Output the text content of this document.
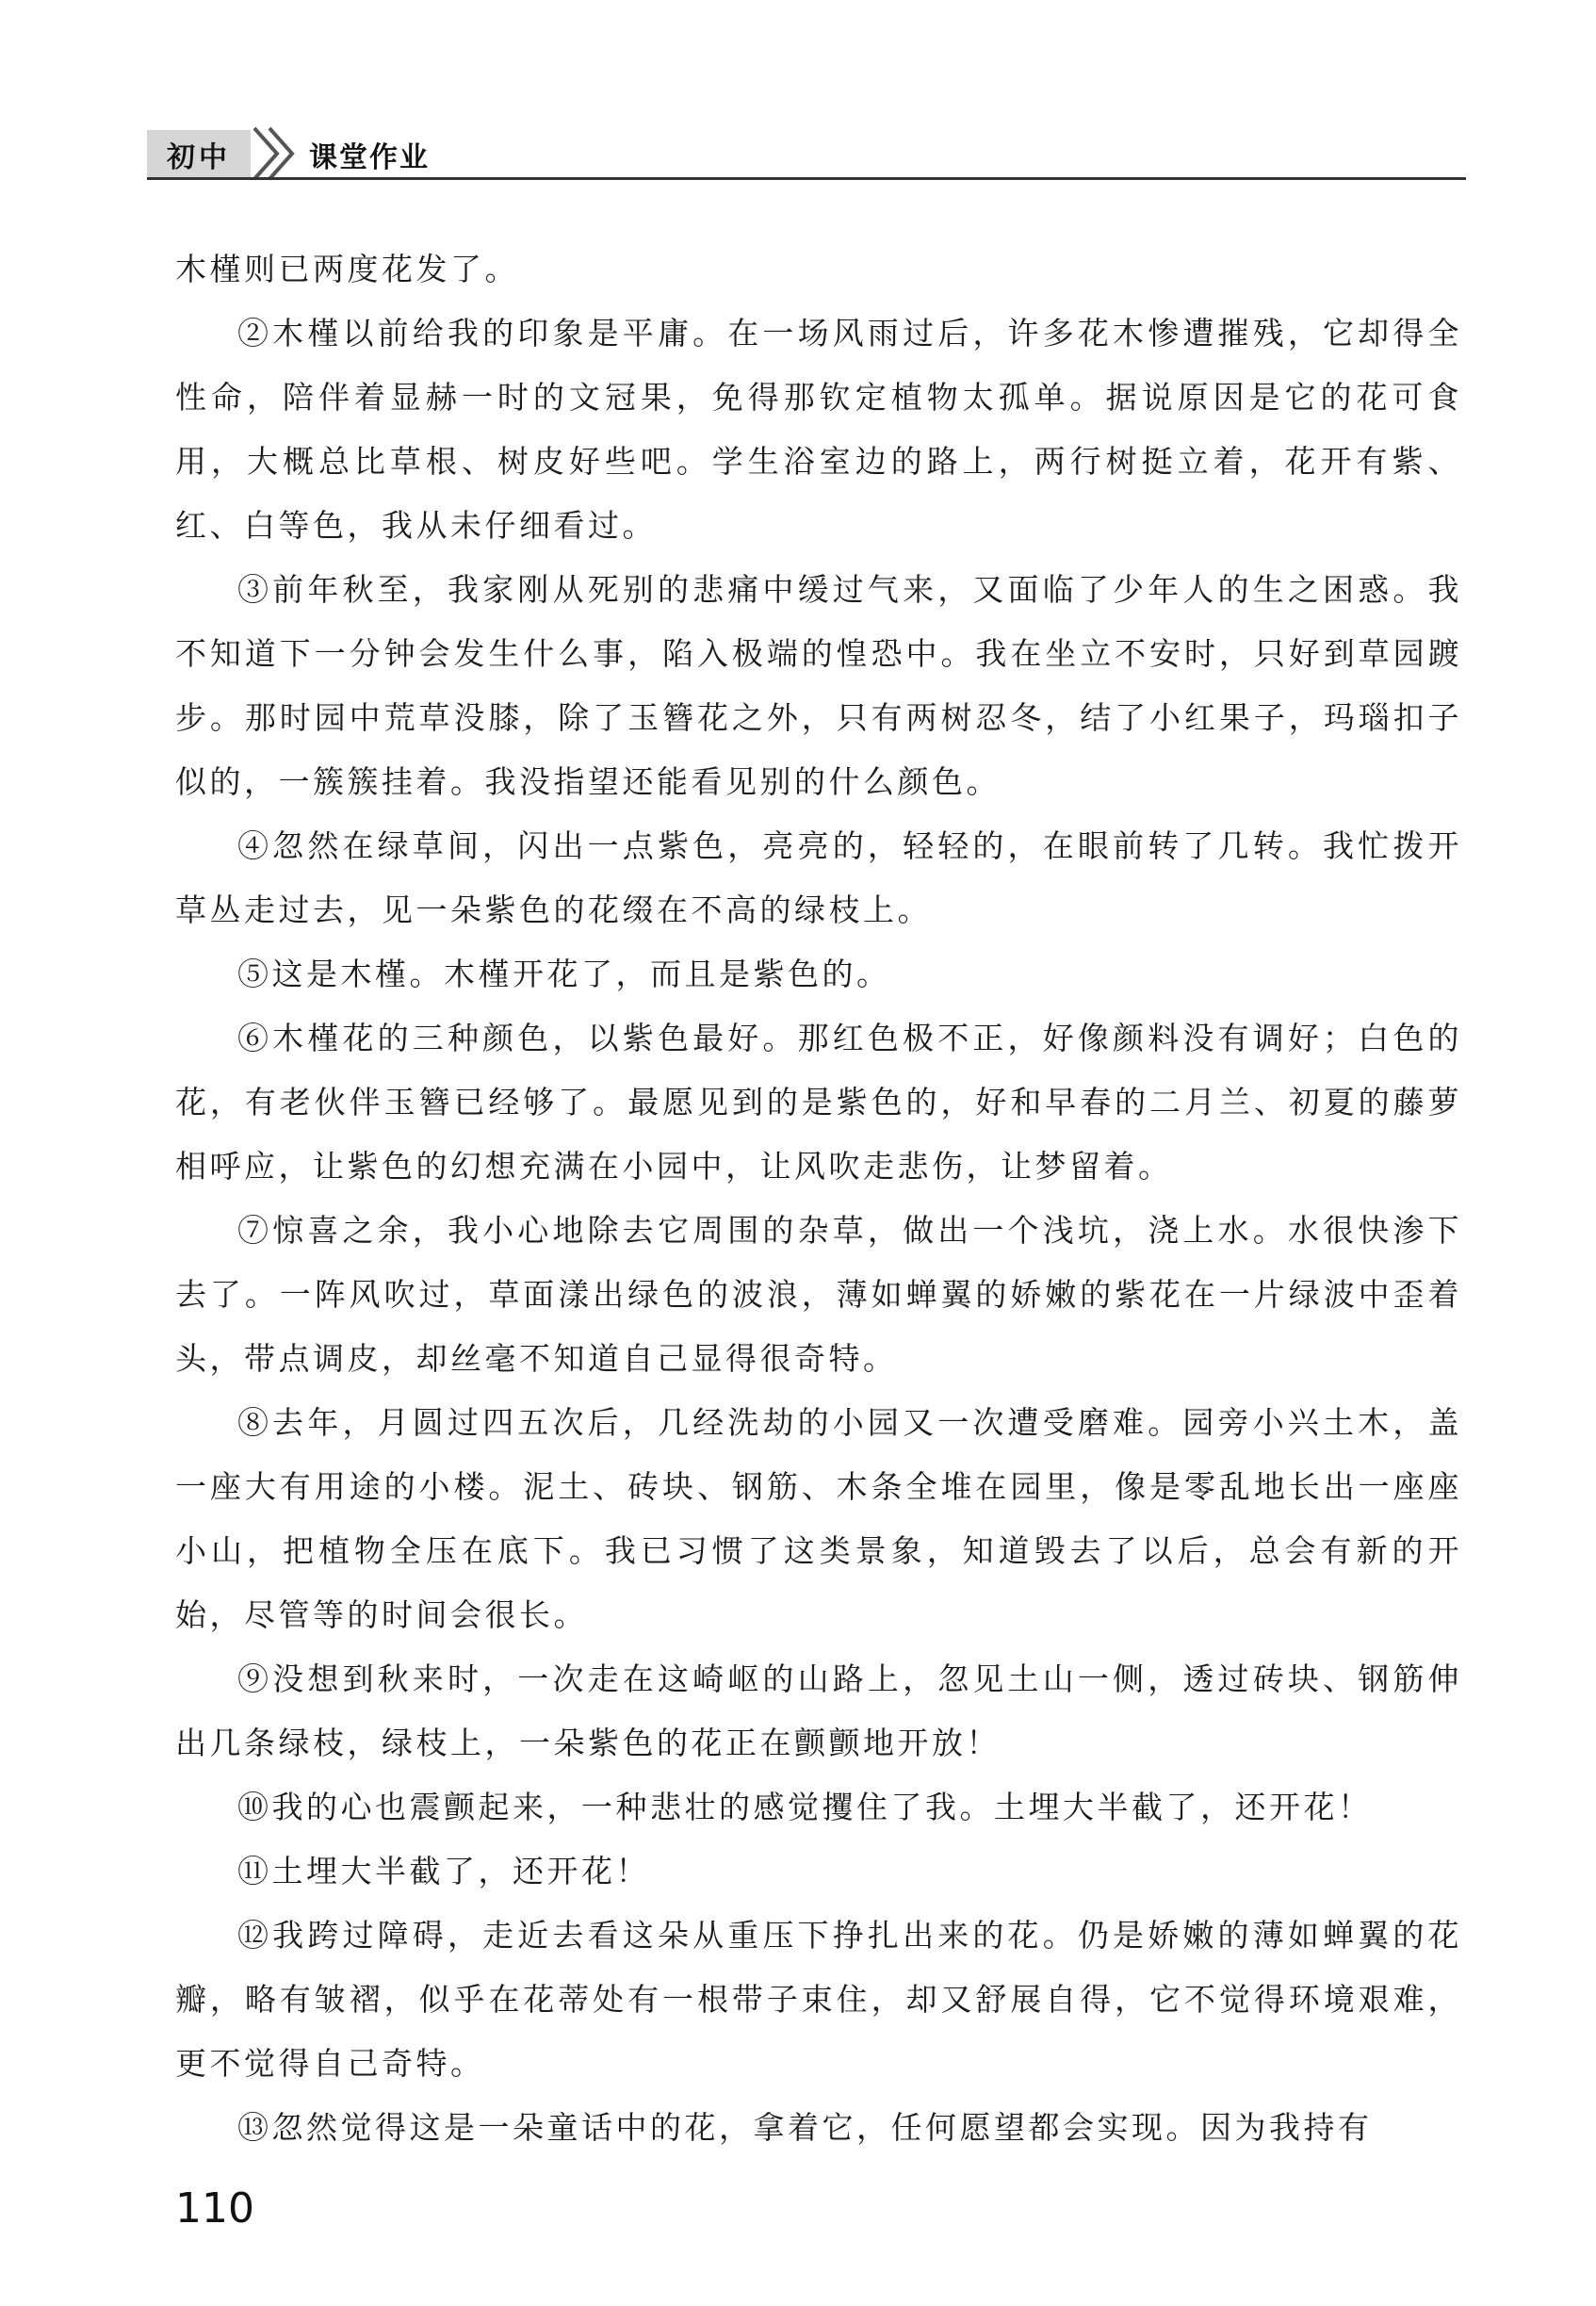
初中	课堂作业

木槿则已两度花发了。

②木槿以前给我的印象是平庸。在一场风雨过后，许多花木惨遭摧残，它却得全性命，陪伴着显赫一时的文冠果，免得那钦定植物太孤单。据说原因是它的花可食用，大概总比草根、树皮好些吧。学生浴室边的路上，两行树挺立着，花开有紫、红、白等色，我从未仔细看过。

③前年秋至，我家刚从死别的悲痛中缓过气来，又面临了少年人的生之困惑。我不知道下一分钟会发生什么事，陷入极端的惶恐中。我在坐立不安时，只好到草园踱步。那时园中荒草没膝，除了玉簪花之外，只有两树忍冬，结了小红果子，玛瑙扣子似的，一簇簇挂着。我没指望还能看见别的什么颜色。

④忽然在绿草间，闪出一点紫色，亮亮的，轻轻的，在眼前转了几转。我忙拨开草丛走过去，见一朵紫色的花缀在不高的绿枝上。

⑤这是木槿。木槿开花了，而且是紫色的。

⑥木槿花的三种颜色，以紫色最好。那红色极不正，好像颜料没有调好；白色的花，有老伙伴玉簪已经够了。最愿见到的是紫色的，好和早春的二月兰、初夏的藤萝相呼应，让紫色的幻想充满在小园中，让风吹走悲伤，让梦留着。

⑦惊喜之余，我小心地除去它周围的杂草，做出一个浅坑，浇上水。水很快渗下去了。一阵风吹过，草面漾出绿色的波浪，薄如蝉翼的娇嫩的紫花在一片绿波中歪着头，带点调皮，却丝毫不知道自己显得很奇特。

⑧去年，月圆过四五次后，几经洗劫的小园又一次遭受磨难。园旁小兴土木，盖一座大有用途的小楼。泥土、砖块、钢筋、木条全堆在园里，像是零乱地长出一座座小山，把植物全压在底下。我已习惯了这类景象，知道毁去了以后，总会有新的开始，尽管等的时间会很长。

⑨没想到秋来时，一次走在这崎岖的山路上，忽见土山一侧，透过砖块、钢筋伸出几条绿枝，绿枝上，一朵紫色的花正在颤颤地开放！

⑩我的心也震颤起来，一种悲壮的感觉攫住了我。土埋大半截了，还开花！

⑪土埋大半截了，还开花！

⑫我跨过障碍，走近去看这朵从重压下挣扎出来的花。仍是娇嫩的薄如蝉翼的花瓣，略有皱褶，似乎在花蒂处有一根带子束住，却又舒展自得，它不觉得环境艰难，更不觉得自己奇特。

⑬忽然觉得这是一朵童话中的花，拿着它，任何愿望都会实现。因为我持有

110
